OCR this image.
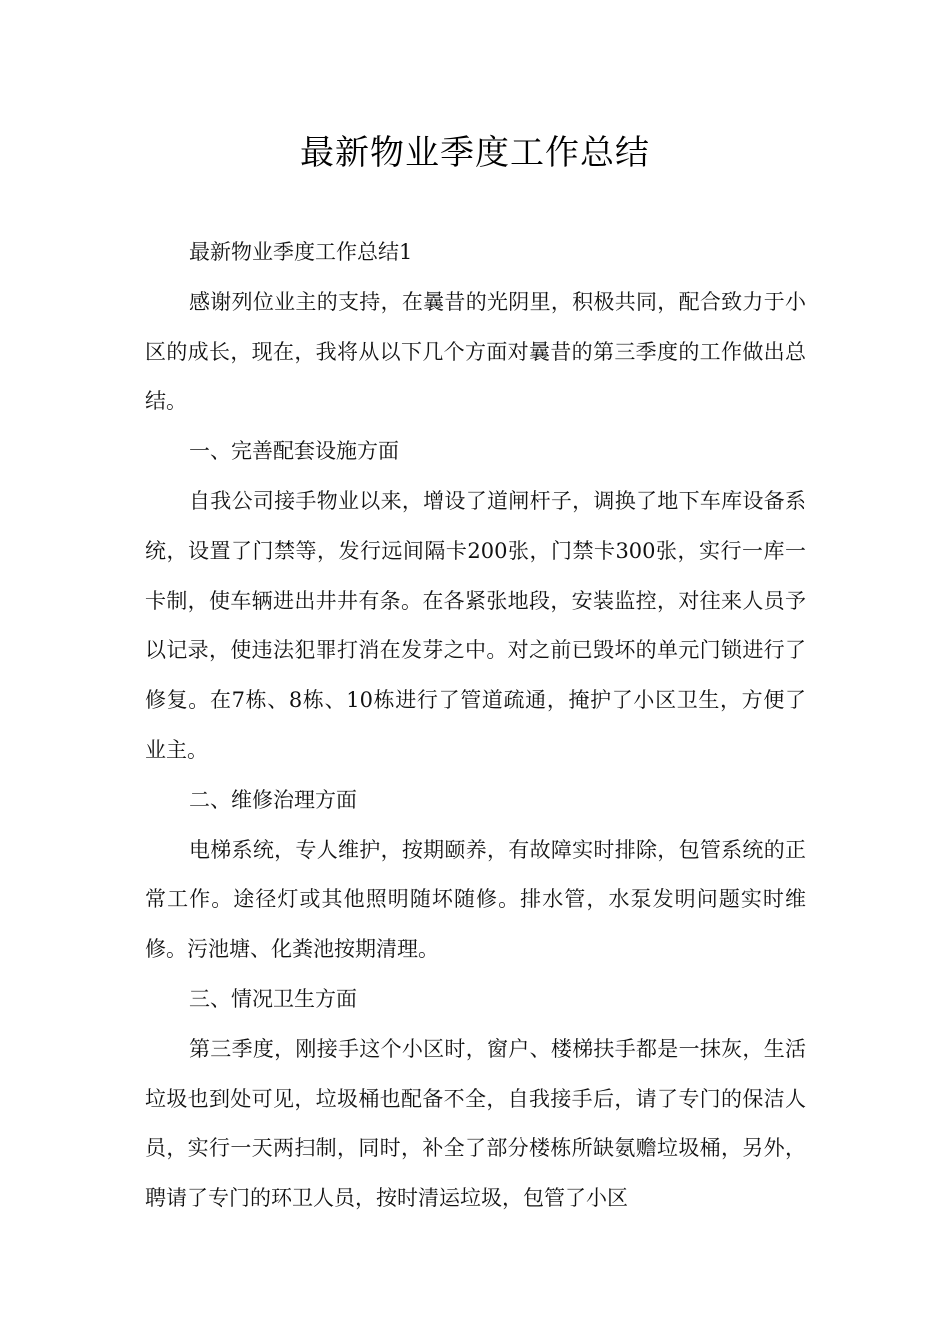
最新物业季度工作总结

最新物业季度工作总结1

感谢列位业主的支持，在曩昔的光阴里，积极共同，配合致力于小区的成长，现在，我将从以下几个方面对曩昔的第三季度的工作做出总结。

一、完善配套设施方面

自我公司接手物业以来，增设了道闸杆子，调换了地下车库设备系统，设置了门禁等，发行远间隔卡200张，门禁卡300张，实行一库一卡制，使车辆进出井井有条。在各紧张地段，安装监控，对往来人员予以记录，使违法犯罪打消在发芽之中。对之前已毁坏的单元门锁进行了修复。在7栋、8栋、10栋进行了管道疏通，掩护了小区卫生，方便了业主。

二、维修治理方面

电梯系统，专人维护，按期颐养，有故障实时排除，包管系统的正常工作。途径灯或其他照明随坏随修。排水管，水泵发明问题实时维修。污池塘、化粪池按期清理。

三、情况卫生方面

第三季度，刚接手这个小区时，窗户、楼梯扶手都是一抹灰，生活垃圾也到处可见，垃圾桶也配备不全，自我接手后，请了专门的保洁人员，实行一天两扫制，同时，补全了部分楼栋所缺氨赡垃圾桶，另外，聘请了专门的环卫人员，按时清运垃圾，包管了小区
